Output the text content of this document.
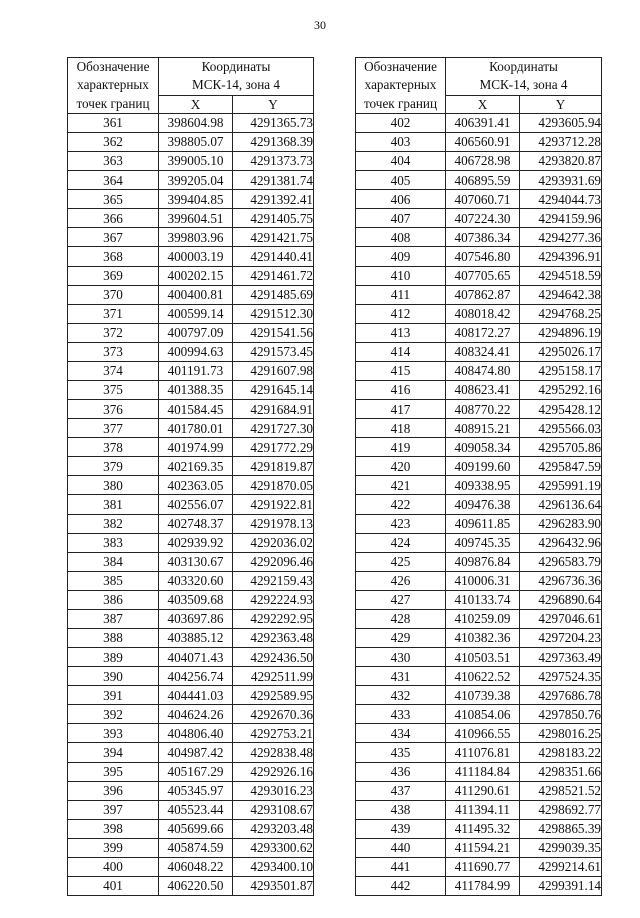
30
Обозначение
характерных
точек границ	Координаты
МСК-14, зона 4	

	X	Y
361	398604.98	4291365.73
362	398805.07	4291368.39
363	399005.10	4291373.73
364	399205.04	4291381.74
365	399404.85	4291392.41
366	399604.51	4291405.75
367	399803.96	4291421.75
368	400003.19	4291440.41
369	400202.15	4291461.72
370	400400.81	4291485.69
371	400599.14	4291512.30
372	400797.09	4291541.56
373	400994.63	4291573.45
374	401191.73	4291607.98
375	401388.35	4291645.14
376	401584.45	4291684.91
377	401780.01	4291727.30
378	401974.99	4291772.29
379	402169.35	4291819.87
380	402363.05	4291870.05
381	402556.07	4291922.81
382	402748.37	4291978.13
383	402939.92	4292036.02
384	403130.67	4292096.46
385	403320.60	4292159.43
386	403509.68	4292224.93
387	403697.86	4292292.95
388	403885.12	4292363.48
389	404071.43	4292436.50
390	404256.74	4292511.99
391	404441.03	4292589.95
392	404624.26	4292670.36
393	404806.40	4292753.21
394	404987.42	4292838.48
395	405167.29	4292926.16
396	405345.97	4293016.23
397	405523.44	4293108.67
398	405699.66	4293203.48
399	405874.59	4293300.62
400	406048.22	4293400.10
401	406220.50	4293501.87
Обозначение
характерных
точек границ	Координаты
МСК-14, зона 4	

	X	Y
402	406391.41	4293605.94
403	406560.91	4293712.28
404	406728.98	4293820.87
405	406895.59	4293931.69
406	407060.71	4294044.73
407	407224.30	4294159.96
408	407386.34	4294277.36
409	407546.80	4294396.91
410	407705.65	4294518.59
411	407862.87	4294642.38
412	408018.42	4294768.25
413	408172.27	4294896.19
414	408324.41	4295026.17
415	408474.80	4295158.17
416	408623.41	4295292.16
417	408770.22	4295428.12
418	408915.21	4295566.03
419	409058.34	4295705.86
420	409199.60	4295847.59
421	409338.95	4295991.19
422	409476.38	4296136.64
423	409611.85	4296283.90
424	409745.35	4296432.96
425	409876.84	4296583.79
426	410006.31	4296736.36
427	410133.74	4296890.64
428	410259.09	4297046.61
429	410382.36	4297204.23
430	410503.51	4297363.49
431	410622.52	4297524.35
432	410739.38	4297686.78
433	410854.06	4297850.76
434	410966.55	4298016.25
435	411076.81	4298183.22
436	411184.84	4298351.66
437	411290.61	4298521.52
438	411394.11	4298692.77
439	411495.32	4298865.39
440	411594.21	4299039.35
441	411690.77	4299214.61
442	411784.99	4299391.14
